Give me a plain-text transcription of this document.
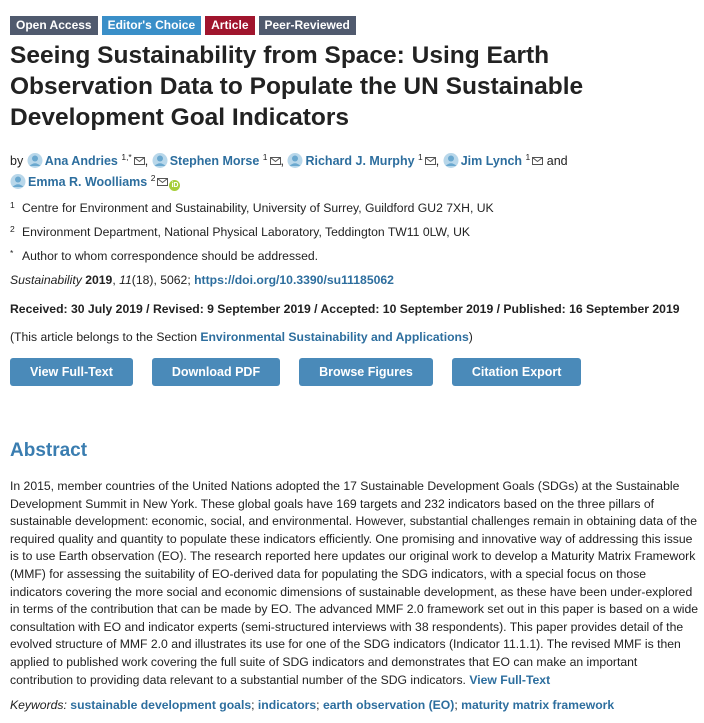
Open Access	Editor's Choice	Article	Peer-Reviewed
Seeing Sustainability from Space: Using Earth Observation Data to Populate the UN Sustainable Development Goal Indicators
by Ana Andries $^{1,*}$ , Stephen Morse $^1$ , Richard J. Murphy $^1$ , Jim Lynch $^1$ and
Emma R. Woolliams $^2$iD
1 Centre for Environment and Sustainability, University of Surrey, Guildford GU2 7XH, UK
2 Environment Department, National Physical Laboratory, Teddington TW11 0LW, UK
* Author to whom correspondence should be addressed.
Sustainability 2019, 11(18), 5062; https://doi.org/10.3390/su11185062
Received: 30 July 2019 / Revised: 9 September 2019 / Accepted: 10 September 2019 / Published: 16 September 2019
(This article belongs to the Section Environmental Sustainability and Applications)
View Full-Text	Download PDF	Browse Figures	Citation Export
Abstract

In 2015, member countries of the United Nations adopted the 17 Sustainable Development Goals (SDGs) at the Sustainable Development Summit in New York. These global goals have 169 targets and 232 indicators based on the three pillars of sustainable development: economic, social, and environmental. However, substantial challenges remain in obtaining data of the required quality and quantity to populate these indicators efficiently. One promising and innovative way of addressing this issue is to use Earth observation (EO). The research reported here updates our original work to develop a Maturity Matrix Framework (MMF) for assessing the suitability of EO-derived data for populating the SDG indicators, with a special focus on those indicators covering the more social and economic dimensions of sustainable development, as these have been under-explored in terms of the contribution that can be made by EO. The advanced MMF 2.0 framework set out in this paper is based on a wide consultation with EO and indicator experts (semi-structured interviews with 38 respondents). This paper provides detail of the evolved structure of MMF 2.0 and illustrates its use for one of the SDG indicators (Indicator 11.1.1). The revised MMF is then applied to published work covering the full suite of SDG indicators and demonstrates that EO can make an important contribution to providing data relevant to a substantial number of the SDG indicators. View Full-Text

Keywords: sustainable development goals; indicators; earth observation (EO); maturity matrix framework
